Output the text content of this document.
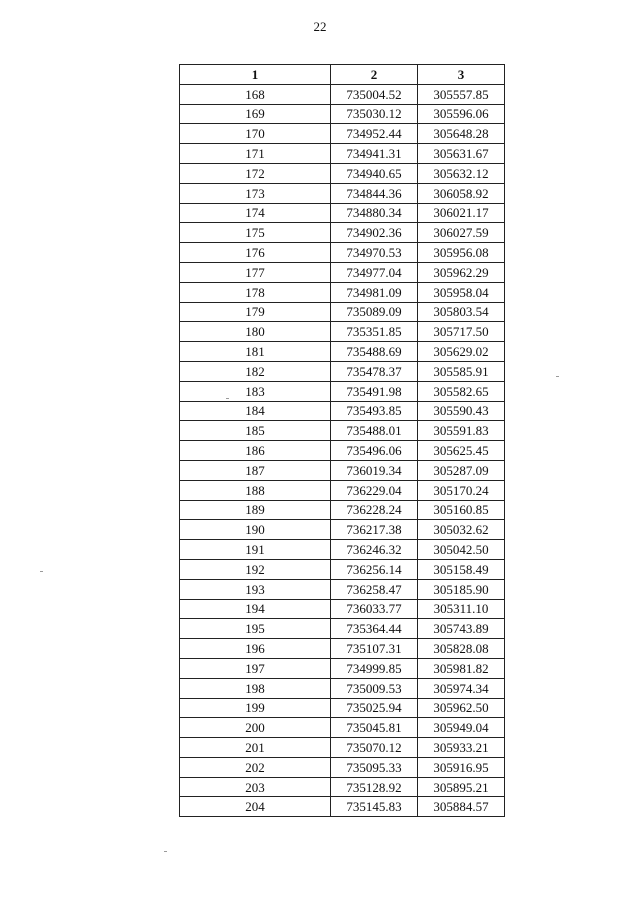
22
1	2	3
168	735004.52	305557.85
169	735030.12	305596.06
170	734952.44	305648.28
171	734941.31	305631.67
172	734940.65	305632.12
173	734844.36	306058.92
174	734880.34	306021.17
175	734902.36	306027.59
176	734970.53	305956.08
177	734977.04	305962.29
178	734981.09	305958.04
179	735089.09	305803.54
180	735351.85	305717.50
181	735488.69	305629.02
182	735478.37	305585.91
183	735491.98	305582.65
184	735493.85	305590.43
185	735488.01	305591.83
186	735496.06	305625.45
187	736019.34	305287.09
188	736229.04	305170.24
189	736228.24	305160.85
190	736217.38	305032.62
191	736246.32	305042.50
192	736256.14	305158.49
193	736258.47	305185.90
194	736033.77	305311.10
195	735364.44	305743.89
196	735107.31	305828.08
197	734999.85	305981.82
198	735009.53	305974.34
199	735025.94	305962.50
200	735045.81	305949.04
201	735070.12	305933.21
202	735095.33	305916.95
203	735128.92	305895.21
204	735145.83	305884.57
